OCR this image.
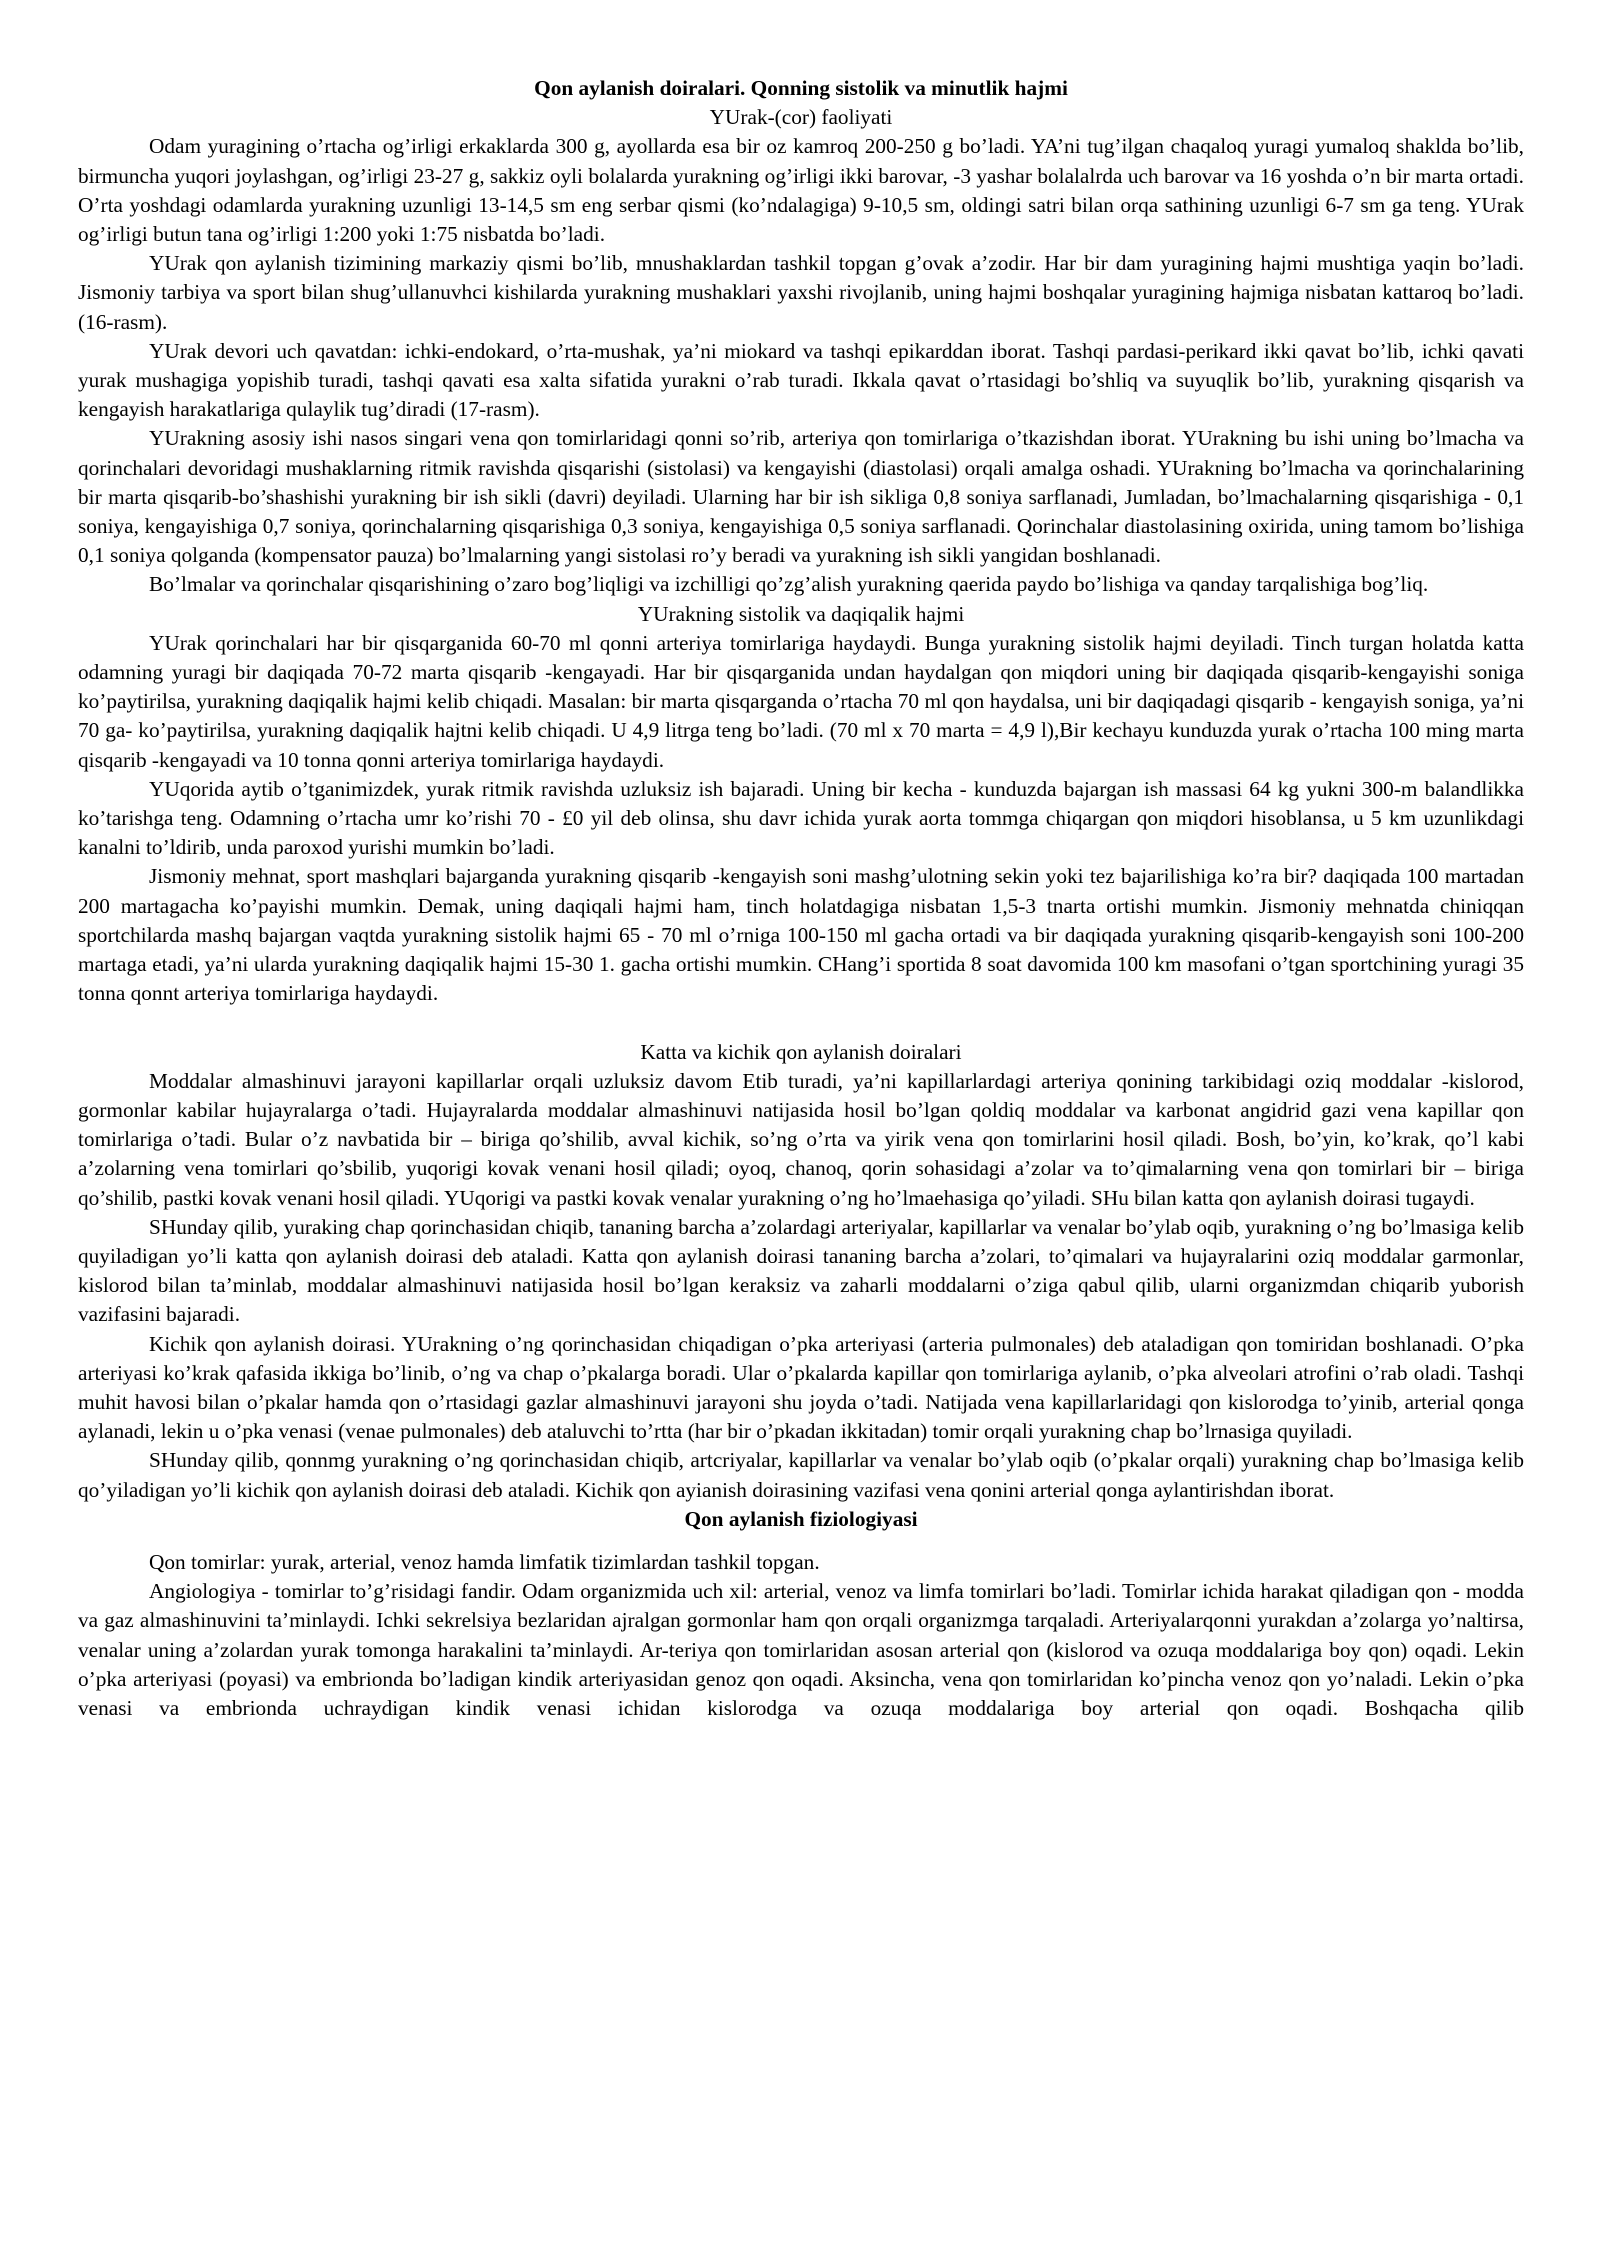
Qon aylanish doiralari. Qonning sistolik va minutlik hajmi
YUrak-(cor) faoliyati

Odam yuragining o’rtacha og’irligi erkaklarda 300 g, ayollarda esa bir oz kamroq 200-250 g bo’ladi. YA’ni tug’ilgan chaqaloq yuragi yumaloq shaklda bo’lib, birmuncha yuqori joylashgan, og’irligi 23-27 g, sakkiz oyli bolalarda yurakning og’irligi ikki barovar, -3 yashar bolalalrda uch barovar va 16 yoshda o’n bir marta ortadi. O’rta yoshdagi odamlarda yurakning uzunligi 13-14,5 sm eng serbar qismi (ko’ndalagiga) 9-10,5 sm, oldingi satri bilan orqa sathining uzunligi 6-7 sm ga teng. YUrak og’irligi butun tana og’irligi 1:200 yoki 1:75 nisbatda bo’ladi.

YUrak qon aylanish tizimining markaziy qismi bo’lib, mnushaklardan tashkil topgan g’ovak a’zodir. Har bir dam yuragining hajmi mushtiga yaqin bo’ladi. Jismoniy tarbiya va sport bilan shug’ullanuvhci kishilarda yurakning mushaklari yaxshi rivojlanib, uning hajmi boshqalar yuragining hajmiga nisbatan kattaroq bo’ladi. (16-rasm).

YUrak devori uch qavatdan: ichki-endokard, o’rta-mushak, ya’ni miokard va tashqi epikarddan iborat. Tashqi pardasi-perikard ikki qavat bo’lib, ichki qavati yurak mushagiga yopishib turadi, tashqi qavati esa xalta sifatida yurakni o’rab turadi. Ikkala qavat o’rtasidagi bo’shliq va suyuqlik bo’lib, yurakning qisqarish va kengayish harakatlariga qulaylik tug’diradi (17-rasm).

YUrakning asosiy ishi nasos singari vena qon tomirlaridagi qonni so’rib, arteriya qon tomirlariga o’tkazishdan iborat. YUrakning bu ishi uning bo’lmacha va qorinchalari devoridagi mushaklarning ritmik ravishda qisqarishi (sistolasi) va kengayishi (diastolasi) orqali amalga oshadi. YUrakning bo’lmacha va qorinchalarining bir marta qisqarib-bo’shashishi yurakning bir ish sikli (davri) deyiladi. Ularning har bir ish sikliga 0,8 soniya sarflanadi, Jumladan, bo’lmachalarning qisqarishiga - 0,1 soniya, kengayishiga 0,7 soniya, qorinchalarning qisqarishiga 0,3 soniya, kengayishiga 0,5 soniya sarflanadi. Qorinchalar diastolasining oxirida, uning tamom bo’lishiga 0,1 soniya qolganda (kompensator pauza) bo’lmalarning yangi sistolasi ro’y beradi va yurakning ish sikli yangidan boshlanadi.

Bo’lmalar va qorinchalar qisqarishining o’zaro bog’liqligi va izchilligi qo’zg’alish yurakning qaerida paydo bo’lishiga va qanday tarqalishiga bog’liq.

YUrakning sistolik va daqiqalik hajmi

YUrak qorinchalari har bir qisqarganida 60-70 ml qonni arteriya tomirlariga haydaydi. Bunga yurakning sistolik hajmi deyiladi. Tinch turgan holatda katta odamning yuragi bir daqiqada 70-72 marta qisqarib -kengayadi. Har bir qisqarganida undan haydalgan qon miqdori uning bir daqiqada qisqarib-kengayishi soniga ko’paytirilsa, yurakning daqiqalik hajmi kelib chiqadi. Masalan: bir marta qisqarganda o’rtacha 70 ml qon haydalsa, uni bir daqiqadagi qisqarib - kengayish soniga, ya’ni 70 ga- ko’paytirilsa, yurakning daqiqalik hajtni kelib chiqadi. U 4,9 litrga teng bo’ladi. (70 ml x 70 marta = 4,9 l),Bir kechayu kunduzda yurak o’rtacha 100 ming marta qisqarib -kengayadi va 10 tonna qonni arteriya tomirlariga haydaydi.

YUqorida aytib o’tganimizdek, yurak ritmik ravishda uzluksiz ish bajaradi. Uning bir kecha - kunduzda bajargan ish massasi 64 kg yukni 300-m balandlikka ko’tarishga teng. Odamning o’rtacha umr ko’rishi 70 - £0 yil deb olinsa, shu davr ichida yurak aorta tommga chiqargan qon miqdori hisoblansa, u 5 km uzunlikdagi kanalni to’ldirib, unda paroxod yurishi mumkin bo’ladi.

Jismoniy mehnat, sport mashqlari bajarganda yurakning qisqarib -kengayish soni mashg’ulotning sekin yoki tez bajarilishiga ko’ra bir? daqiqada 100 martadan 200 martagacha ko’payishi mumkin. Demak, uning daqiqali hajmi ham, tinch holatdagiga nisbatan 1,5-3 tnarta ortishi mumkin. Jismoniy mehnatda chiniqqan sportchilarda mashq bajargan vaqtda yurakning sistolik hajmi 65 - 70 ml o’rniga 100-150 ml gacha ortadi va bir daqiqada yurakning qisqarib-kengayish soni 100-200 martaga etadi, ya’ni ularda yurakning daqiqalik hajmi 15-30 1. gacha ortishi mumkin. CHang’i sportida 8 soat davomida 100 km masofani o’tgan sportchining yuragi 35 tonna qonnt arteriya tomirlariga haydaydi.

Katta va kichik qon aylanish doiralari

Moddalar almashinuvi jarayoni kapillarlar orqali uzluksiz davom Etib turadi, ya’ni kapillarlardagi arteriya qonining tarkibidagi oziq moddalar -kislorod, gormonlar kabilar hujayralarga o’tadi. Hujayralarda moddalar almashinuvi natijasida hosil bo’lgan qoldiq moddalar va karbonat angidrid gazi vena kapillar qon tomirlariga o’tadi. Bular o’z navbatida bir – biriga qo’shilib, avval kichik, so’ng o’rta va yirik vena qon tomirlarini hosil qiladi. Bosh, bo’yin, ko’krak, qo’l kabi a’zolarning vena tomirlari qo’sbilib, yuqorigi kovak venani hosil qiladi; oyoq, chanoq, qorin sohasidagi a’zolar va to’qimalarning vena qon tomirlari bir – biriga qo’shilib, pastki kovak venani hosil qiladi. YUqorigi va pastki kovak venalar yurakning o’ng ho’lmaehasiga qo’yiladi. SHu bilan katta qon aylanish doirasi tugaydi.

SHunday qilib, yuraking chap qorinchasidan chiqib, tananing barcha a’zolardagi arteriyalar, kapillarlar va venalar bo’ylab oqib, yurakning o’ng bo’lmasiga kelib quyiladigan yo’li katta qon aylanish doirasi deb ataladi. Katta qon aylanish doirasi tananing barcha a’zolari, to’qimalari va hujayralarini oziq moddalar garmonlar, kislorod bilan ta’minlab, moddalar almashinuvi natijasida hosil bo’lgan keraksiz va zaharli moddalarni o’ziga qabul qilib, ularni organizmdan chiqarib yuborish vazifasini bajaradi.

Kichik qon aylanish doirasi. YUrakning o’ng qorinchasidan chiqadigan o’pka arteriyasi (arteria pulmonales) deb ataladigan qon tomiridan boshlanadi. O’pka arteriyasi ko’krak qafasida ikkiga bo’linib, o’ng va chap o’pkalarga boradi. Ular o’pkalarda kapillar qon tomirlariga aylanib, o’pka alveolari atrofini o’rab oladi. Tashqi muhit havosi bilan o’pkalar hamda qon o’rtasidagi gazlar almashinuvi jarayoni shu joyda o’tadi. Natijada vena kapillarlaridagi qon kislorodga to’yinib, arterial qonga aylanadi, lekin u o’pka venasi (venae pulmonales) deb ataluvchi to’rtta (har bir o’pkadan ikkitadan) tomir orqali yurakning chap bo’lrnasiga quyiladi.

SHunday qilib, qonnmg yurakning o’ng qorinchasidan chiqib, artcriyalar, kapillarlar va venalar bo’ylab oqib (o’pkalar orqali) yurakning chap bo’lmasiga kelib qo’yiladigan yo’li kichik qon aylanish doirasi deb ataladi. Kichik qon ayianish doirasining vazifasi vena qonini arterial qonga aylantirishdan iborat.

Qon aylanish fiziologiyasi

Qon tomirlar: yurak, arterial, venoz hamda limfatik tizimlardan tashkil topgan.

Angiologiya - tomirlar to’g’risidagi fandir. Odam organizmida uch xil: arterial, venoz va limfa tomirlari bo’ladi. Tomirlar ichida harakat qiladigan qon - modda va gaz almashinuvini ta’minlaydi. Ichki sekrelsiya bezlaridan ajralgan gormonlar ham qon orqali organizmga tarqaladi. Arteriyalarqonni yurakdan a’zolarga yo’naltirsa, venalar uning a’zolardan yurak tomonga harakalini ta’minlaydi. Ar-teriya qon tomirlaridan asosan arterial qon (kislorod va ozuqa moddalariga boy qon) oqadi. Lekin o’pka arteriyasi (poyasi) va embrionda bo’ladigan kindik arteriyasidan genoz qon oqadi. Aksincha, vena qon tomirlaridan ko’pincha venoz qon yo’naladi. Lekin o’pka venasi va embrionda uchraydigan kindik venasi ichidan kislorodga va ozuqa moddalariga boy arterial qon oqadi. Boshqacha qilib
